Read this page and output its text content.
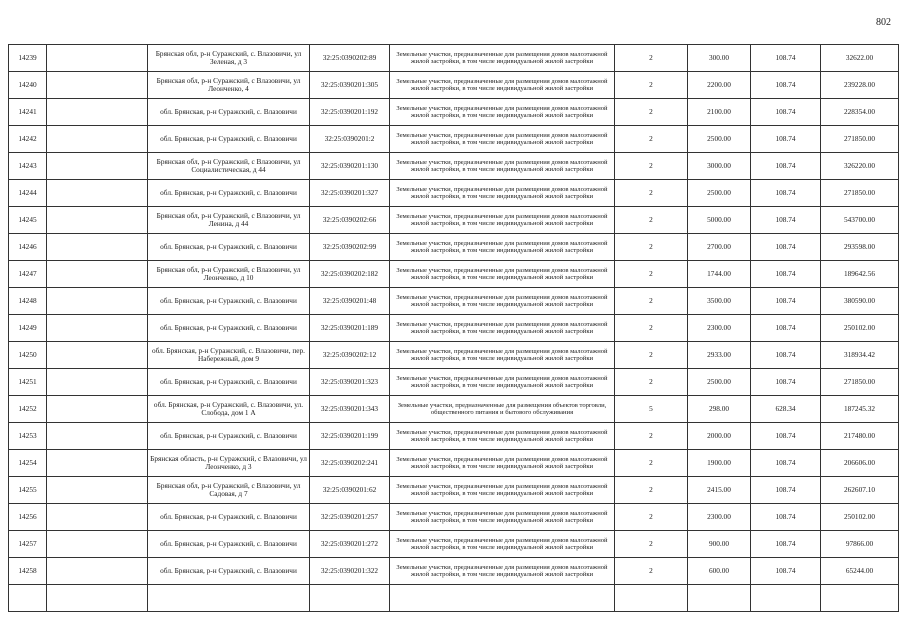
802
14239		Брянская обл, р-н Суражский, с. Влазовичи, ул Зеленая, д 3	32:25:0390202:89	Земельные участки, предназначенные для размещения домов малоэтажной жилой застройки, в том числе индивидуальной жилой застройки	2	300.00	108.74	32622.00
14240		Брянская обл, р-н Суражский, с Влазовичи, ул Леонченко, 4	32:25:0390201:305	Земельные участки, предназначенные для размещения домов малоэтажной жилой застройки, в том числе индивидуальной жилой застройки	2	2200.00	108.74	239228.00
14241		обл. Брянская, р-н Суражский, с. Влазовичи	32:25:0390201:192	Земельные участки, предназначенные для размещения домов малоэтажной жилой застройки, в том числе индивидуальной жилой застройки	2	2100.00	108.74	228354.00
14242		обл. Брянская, р-н Суражский, с. Влазовичи	32:25:0390201:2	Земельные участки, предназначенные для размещения домов малоэтажной жилой застройки, в том числе индивидуальной жилой застройки	2	2500.00	108.74	271850.00
14243		Брянская обл, р-н Суражский, с Влазовичи, ул Социалистическая, д 44	32:25:0390201:130	Земельные участки, предназначенные для размещения домов малоэтажной жилой застройки, в том числе индивидуальной жилой застройки	2	3000.00	108.74	326220.00
14244		обл. Брянская, р-н Суражский, с. Влазовичи	32:25:0390201:327	Земельные участки, предназначенные для размещения домов малоэтажной жилой застройки, в том числе индивидуальной жилой застройки	2	2500.00	108.74	271850.00
14245		Брянская обл, р-н Суражский, с Влазовичи, ул Ленина, д 44	32:25:0390202:66	Земельные участки, предназначенные для размещения домов малоэтажной жилой застройки, в том числе индивидуальной жилой застройки	2	5000.00	108.74	543700.00
14246		обл. Брянская, р-н Суражский, с. Влазовичи	32:25:0390202:99	Земельные участки, предназначенные для размещения домов малоэтажной жилой застройки, в том числе индивидуальной жилой застройки	2	2700.00	108.74	293598.00
14247		Брянская обл, р-н Суражский, с Влазовичи, ул Леонченко, д 10	32:25:0390202:182	Земельные участки, предназначенные для размещения домов малоэтажной жилой застройки, в том числе индивидуальной жилой застройки	2	1744.00	108.74	189642.56
14248		обл. Брянская, р-н Суражский, с. Влазовичи	32:25:0390201:48	Земельные участки, предназначенные для размещения домов малоэтажной жилой застройки, в том числе индивидуальной жилой застройки	2	3500.00	108.74	380590.00
14249		обл. Брянская, р-н Суражский, с. Влазовичи	32:25:0390201:189	Земельные участки, предназначенные для размещения домов малоэтажной жилой застройки, в том числе индивидуальной жилой застройки	2	2300.00	108.74	250102.00
14250		обл. Брянская, р-н Суражский, с. Влазовичи, пер. Набережный, дом 9	32:25:0390202:12	Земельные участки, предназначенные для размещения домов малоэтажной жилой застройки, в том числе индивидуальной жилой застройки	2	2933.00	108.74	318934.42
14251		обл. Брянская, р-н Суражский, с. Влазовичи	32:25:0390201:323	Земельные участки, предназначенные для размещения домов малоэтажной жилой застройки, в том числе индивидуальной жилой застройки	2	2500.00	108.74	271850.00
14252		обл. Брянская, р-н Суражский, с. Влазовичи, ул. Слобода, дом 1 А	32:25:0390201:343	Земельные участки, предназначенные для размещения объектов торговли, общественного питания и бытового обслуживания	5	298.00	628.34	187245.32
14253		обл. Брянская, р-н Суражский, с. Влазовичи	32:25:0390201:199	Земельные участки, предназначенные для размещения домов малоэтажной жилой застройки, в том числе индивидуальной жилой застройки	2	2000.00	108.74	217480.00
14254		Брянская область, р-н Суражский, с Влазовичи, ул Леонченко, д 3	32:25:0390202:241	Земельные участки, предназначенные для размещения домов малоэтажной жилой застройки, в том числе индивидуальной жилой застройки	2	1900.00	108.74	206606.00
14255		Брянская обл, р-н Суражский, с Влазовичи, ул Садовая, д 7	32:25:0390201:62	Земельные участки, предназначенные для размещения домов малоэтажной жилой застройки, в том числе индивидуальной жилой застройки	2	2415.00	108.74	262607.10
14256		обл. Брянская, р-н Суражский, с. Влазовичи	32:25:0390201:257	Земельные участки, предназначенные для размещения домов малоэтажной жилой застройки, в том числе индивидуальной жилой застройки	2	2300.00	108.74	250102.00
14257		обл. Брянская, р-н Суражский, с. Влазовичи	32:25:0390201:272	Земельные участки, предназначенные для размещения домов малоэтажной жилой застройки, в том числе индивидуальной жилой застройки	2	900.00	108.74	97866.00
14258		обл. Брянская, р-н Суражский, с. Влазовичи	32:25:0390201:322	Земельные участки, предназначенные для размещения домов малоэтажной жилой застройки, в том числе индивидуальной жилой застройки	2	600.00	108.74	65244.00
